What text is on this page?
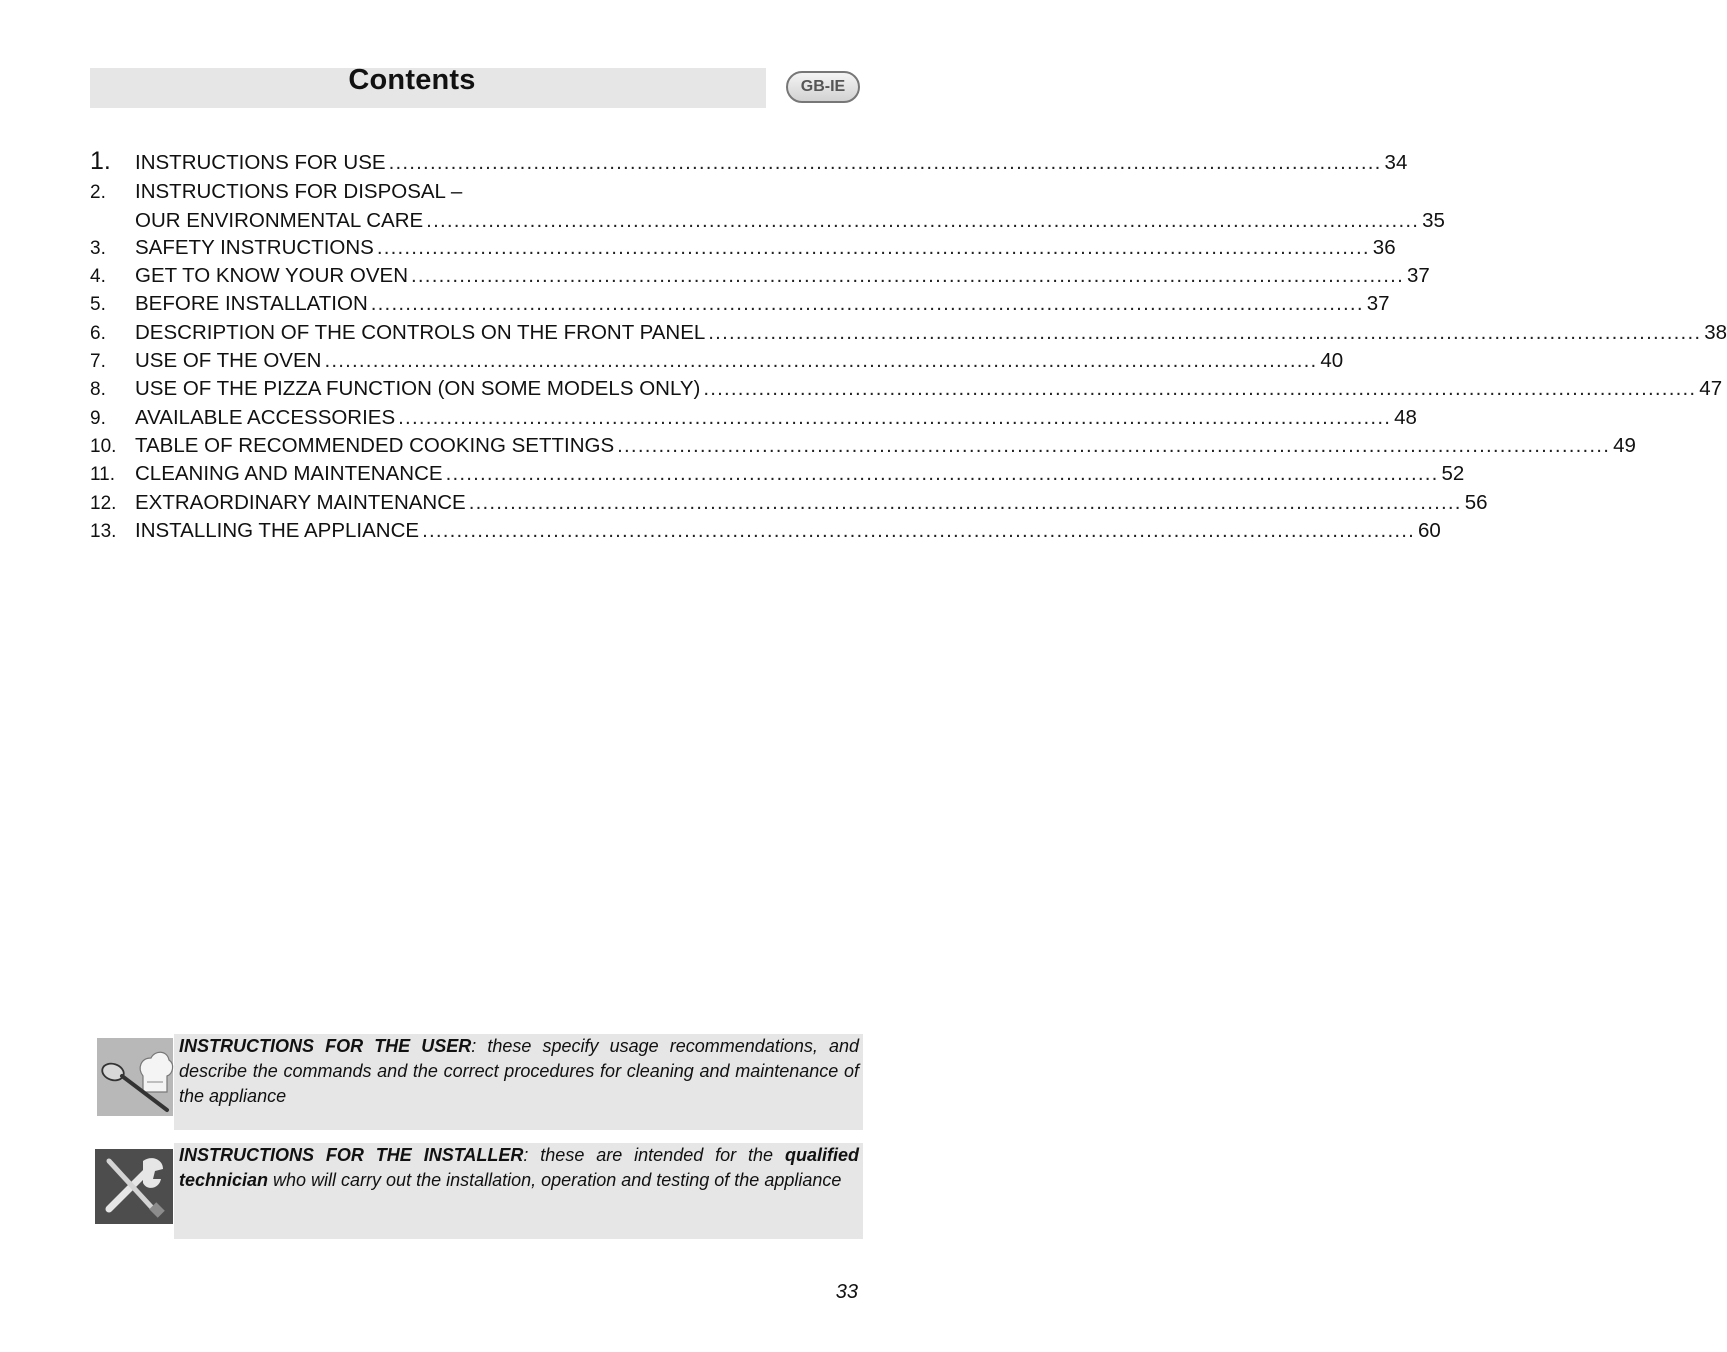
Contents	GB-IE
1.	INSTRUCTIONS FOR USE ................................................................................................................................................ 34
2.	INSTRUCTIONS FOR DISPOSAL –
OUR ENVIRONMENTAL CARE ................................................................................................................................................ 35
3.	SAFETY INSTRUCTIONS ................................................................................................................................................ 36
4.	GET TO KNOW YOUR OVEN ................................................................................................................................................ 37
5.	BEFORE INSTALLATION ................................................................................................................................................ 37
6.	DESCRIPTION OF THE CONTROLS ON THE FRONT PANEL ................................................................................................................................................ 38
7.	USE OF THE OVEN ................................................................................................................................................ 40
8.	USE OF THE PIZZA FUNCTION (ON SOME MODELS ONLY) ................................................................................................................................................ 47
9.	AVAILABLE ACCESSORIES ................................................................................................................................................ 48
10. TABLE OF RECOMMENDED COOKING SETTINGS ................................................................................................................................................ 49
11. CLEANING AND MAINTENANCE ................................................................................................................................................ 52
12. EXTRAORDINARY MAINTENANCE ................................................................................................................................................ 56
13. INSTALLING THE APPLIANCE ................................................................................................................................................ 60
INSTRUCTIONS FOR THE USER: these specify usage recommendations, and describe the commands and the correct procedures for cleaning and maintenance of the appliance
INSTRUCTIONS FOR THE INSTALLER: these are intended for the qualified technician who will carry out the installation, operation and testing of the appliance
33
